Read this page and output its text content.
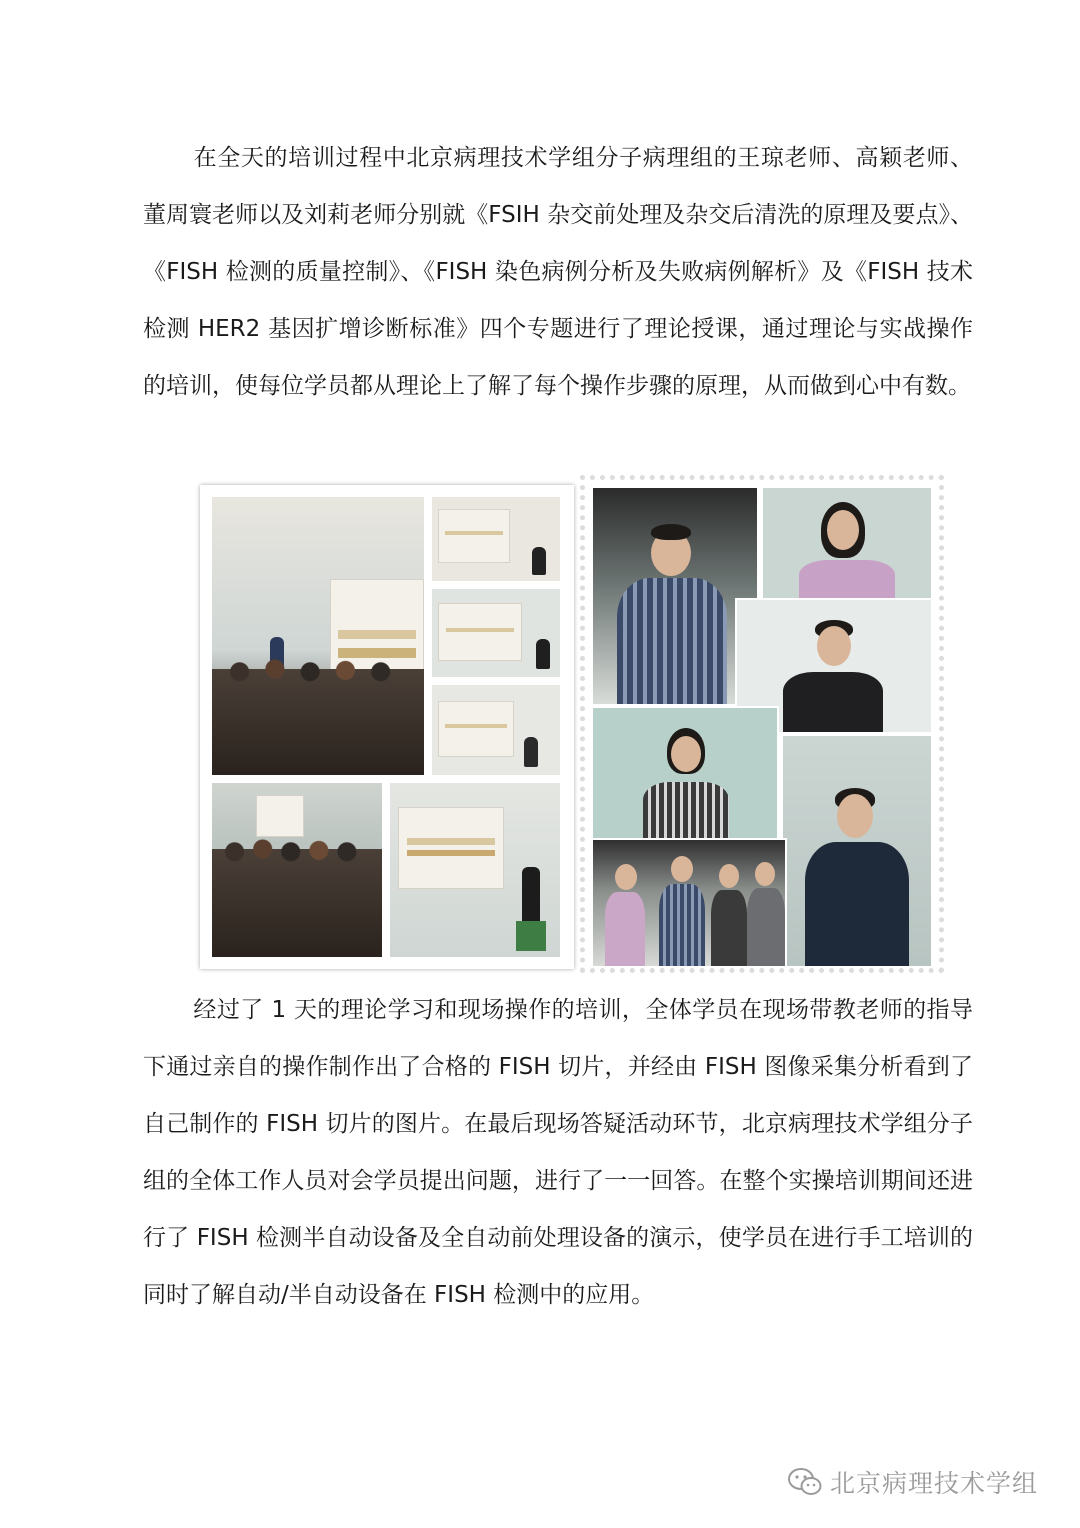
在全天的培训过程中北京病理技术学组分子病理组的王琼老师、高颖老师、董周寰老师以及刘莉老师分别就《FSIH 杂交前处理及杂交后清洗的原理及要点》、《FISH 检测的质量控制》、《FISH 染色病例分析及失败病例解析》及《FISH 技术检测 HER2 基因扩增诊断标准》四个专题进行了理论授课，通过理论与实战操作的培训，使每位学员都从理论上了解了每个操作步骤的原理，从而做到心中有数。

经过了 1 天的理论学习和现场操作的培训，全体学员在现场带教老师的指导下通过亲自的操作制作出了合格的 FISH 切片，并经由 FISH 图像采集分析看到了自己制作的 FISH 切片的图片。在最后现场答疑活动环节，北京病理技术学组分子组的全体工作人员对会学员提出问题，进行了一一回答。在整个实操培训期间还进行了 FISH 检测半自动设备及全自动前处理设备的演示，使学员在进行手工培训的同时了解自动/半自动设备在 FISH 检测中的应用。

北京病理技术学组
